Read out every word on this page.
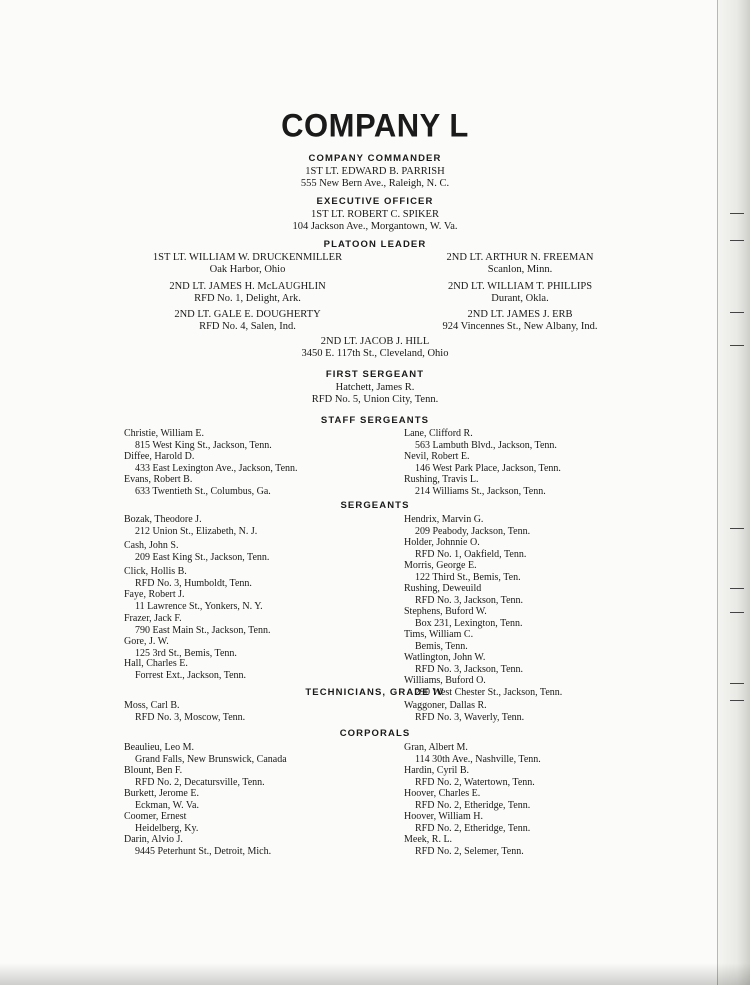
COMPANY L
COMPANY COMMANDER
1ST LT. EDWARD B. PARRISH
555 New Bern Ave., Raleigh, N. C.
EXECUTIVE OFFICER
1ST LT. ROBERT C. SPIKER
104 Jackson Ave., Morgantown, W. Va.
PLATOON LEADER
1ST LT. WILLIAM W. DRUCKENMILLER
Oak Harbor, Ohio
2ND LT. JAMES H. McLAUGHLIN
RFD No. 1, Delight, Ark.
2ND LT. GALE E. DOUGHERTY
RFD No. 4, Salen, Ind.
2ND LT. ARTHUR N. FREEMAN
Scanlon, Minn.
2ND LT. WILLIAM T. PHILLIPS
Durant, Okla.
2ND LT. JAMES J. ERB
924 Vincennes St., New Albany, Ind.
2ND LT. JACOB J. HILL
3450 E. 117th St., Cleveland, Ohio
FIRST SERGEANT
Hatchett, James R.
RFD No. 5, Union City, Tenn.
STAFF SERGEANTS
Christie, William E.
815 West King St., Jackson, Tenn.
Diffee, Harold D.
433 East Lexington Ave., Jackson, Tenn.
Evans, Robert B.
633 Twentieth St., Columbus, Ga.
Lane, Clifford R.
563 Lambuth Blvd., Jackson, Tenn.
Nevil, Robert E.
146 West Park Place, Jackson, Tenn.
Rushing, Travis L.
214 Williams St., Jackson, Tenn.
SERGEANTS
Bozak, Theodore J.
212 Union St., Elizabeth, N. J.
Cash, John S.
209 East King St., Jackson, Tenn.
Click, Hollis B.
RFD No. 3, Humboldt, Tenn.
Faye, Robert J.
11 Lawrence St., Yonkers, N. Y.
Frazer, Jack F.
790 East Main St., Jackson, Tenn.
Gore, J. W.
125 3rd St., Bemis, Tenn.
Hall, Charles E.
Forrest Ext., Jackson, Tenn.
Hendrix, Marvin G.
209 Peabody, Jackson, Tenn.
Holder, Johnnie O.
RFD No. 1, Oakfield, Tenn.
Morris, George E.
122 Third St., Bemis, Ten.
Rushing, Deweuild
RFD No. 3, Jackson, Tenn.
Stephens, Buford W.
Box 231, Lexington, Tenn.
Tims, William C.
Bemis, Tenn.
Watlington, John W.
RFD No. 3, Jackson, Tenn.
Williams, Buford O.
290 West Chester St., Jackson, Tenn.
TECHNICIANS, GRADE IV
Moss, Carl B.
RFD No. 3, Moscow, Tenn.
Waggoner, Dallas R.
RFD No. 3, Waverly, Tenn.
CORPORALS
Beaulieu, Leo M.
Grand Falls, New Brunswick, Canada
Blount, Ben F.
RFD No. 2, Decatursville, Tenn.
Burkett, Jerome E.
Eckman, W. Va.
Coomer, Ernest
Heidelberg, Ky.
Darin, Alvio J.
9445 Peterhunt St., Detroit, Mich.
Gran, Albert M.
114 30th Ave., Nashville, Tenn.
Hardin, Cyril B.
RFD No. 2, Watertown, Tenn.
Hoover, Charles E.
RFD No. 2, Etheridge, Tenn.
Hoover, William H.
RFD No. 2, Etheridge, Tenn.
Meek, R. L.
RFD No. 2, Selemer, Tenn.
